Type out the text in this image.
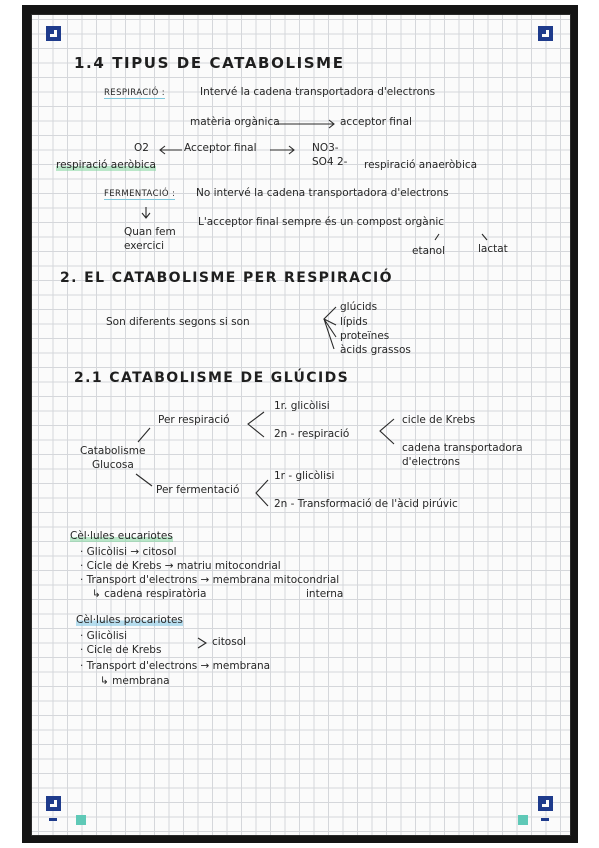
1.4 TIPUS DE CATABOLISME
RESPIRACIÓ :	Intervé la cadena transportadora d'electrons
matèria orgànica	acceptor final
O2	Acceptor final	NO3-
SO4 2-
respiració aeròbica	respiració anaeròbica
FERMENTACIÓ : No intervé la cadena transportadora d'electrons
L'acceptor final sempre és un compost orgànic
Quan fem
exercici	etanol	lactat
2. EL CATABOLISME PER RESPIRACIÓ
Son diferents segons si son
glúcids
lípids
proteïnes
àcids grassos
2.1 CATABOLISME DE GLÚCIDS
Per respiració
1r. glicòlisi
2n - respiració
cicle de Krebs
cadena transportadora
d'electrons
Catabolisme
Glucosa
Per fermentació
1r - glicòlisi
2n - Transformació de l'àcid pirúvic
Cèl·lules eucariotes
· Glicòlisi → citosol
· Cicle de Krebs → matriu mitocondrial
· Transport d'electrons → membrana mitocondrial
↳ cadena respiratòria	interna
Cèl·lules procariotes
· Glicòlisi
· Cicle de Krebs
citosol
· Transport d'electrons → membrana
↳ membrana
